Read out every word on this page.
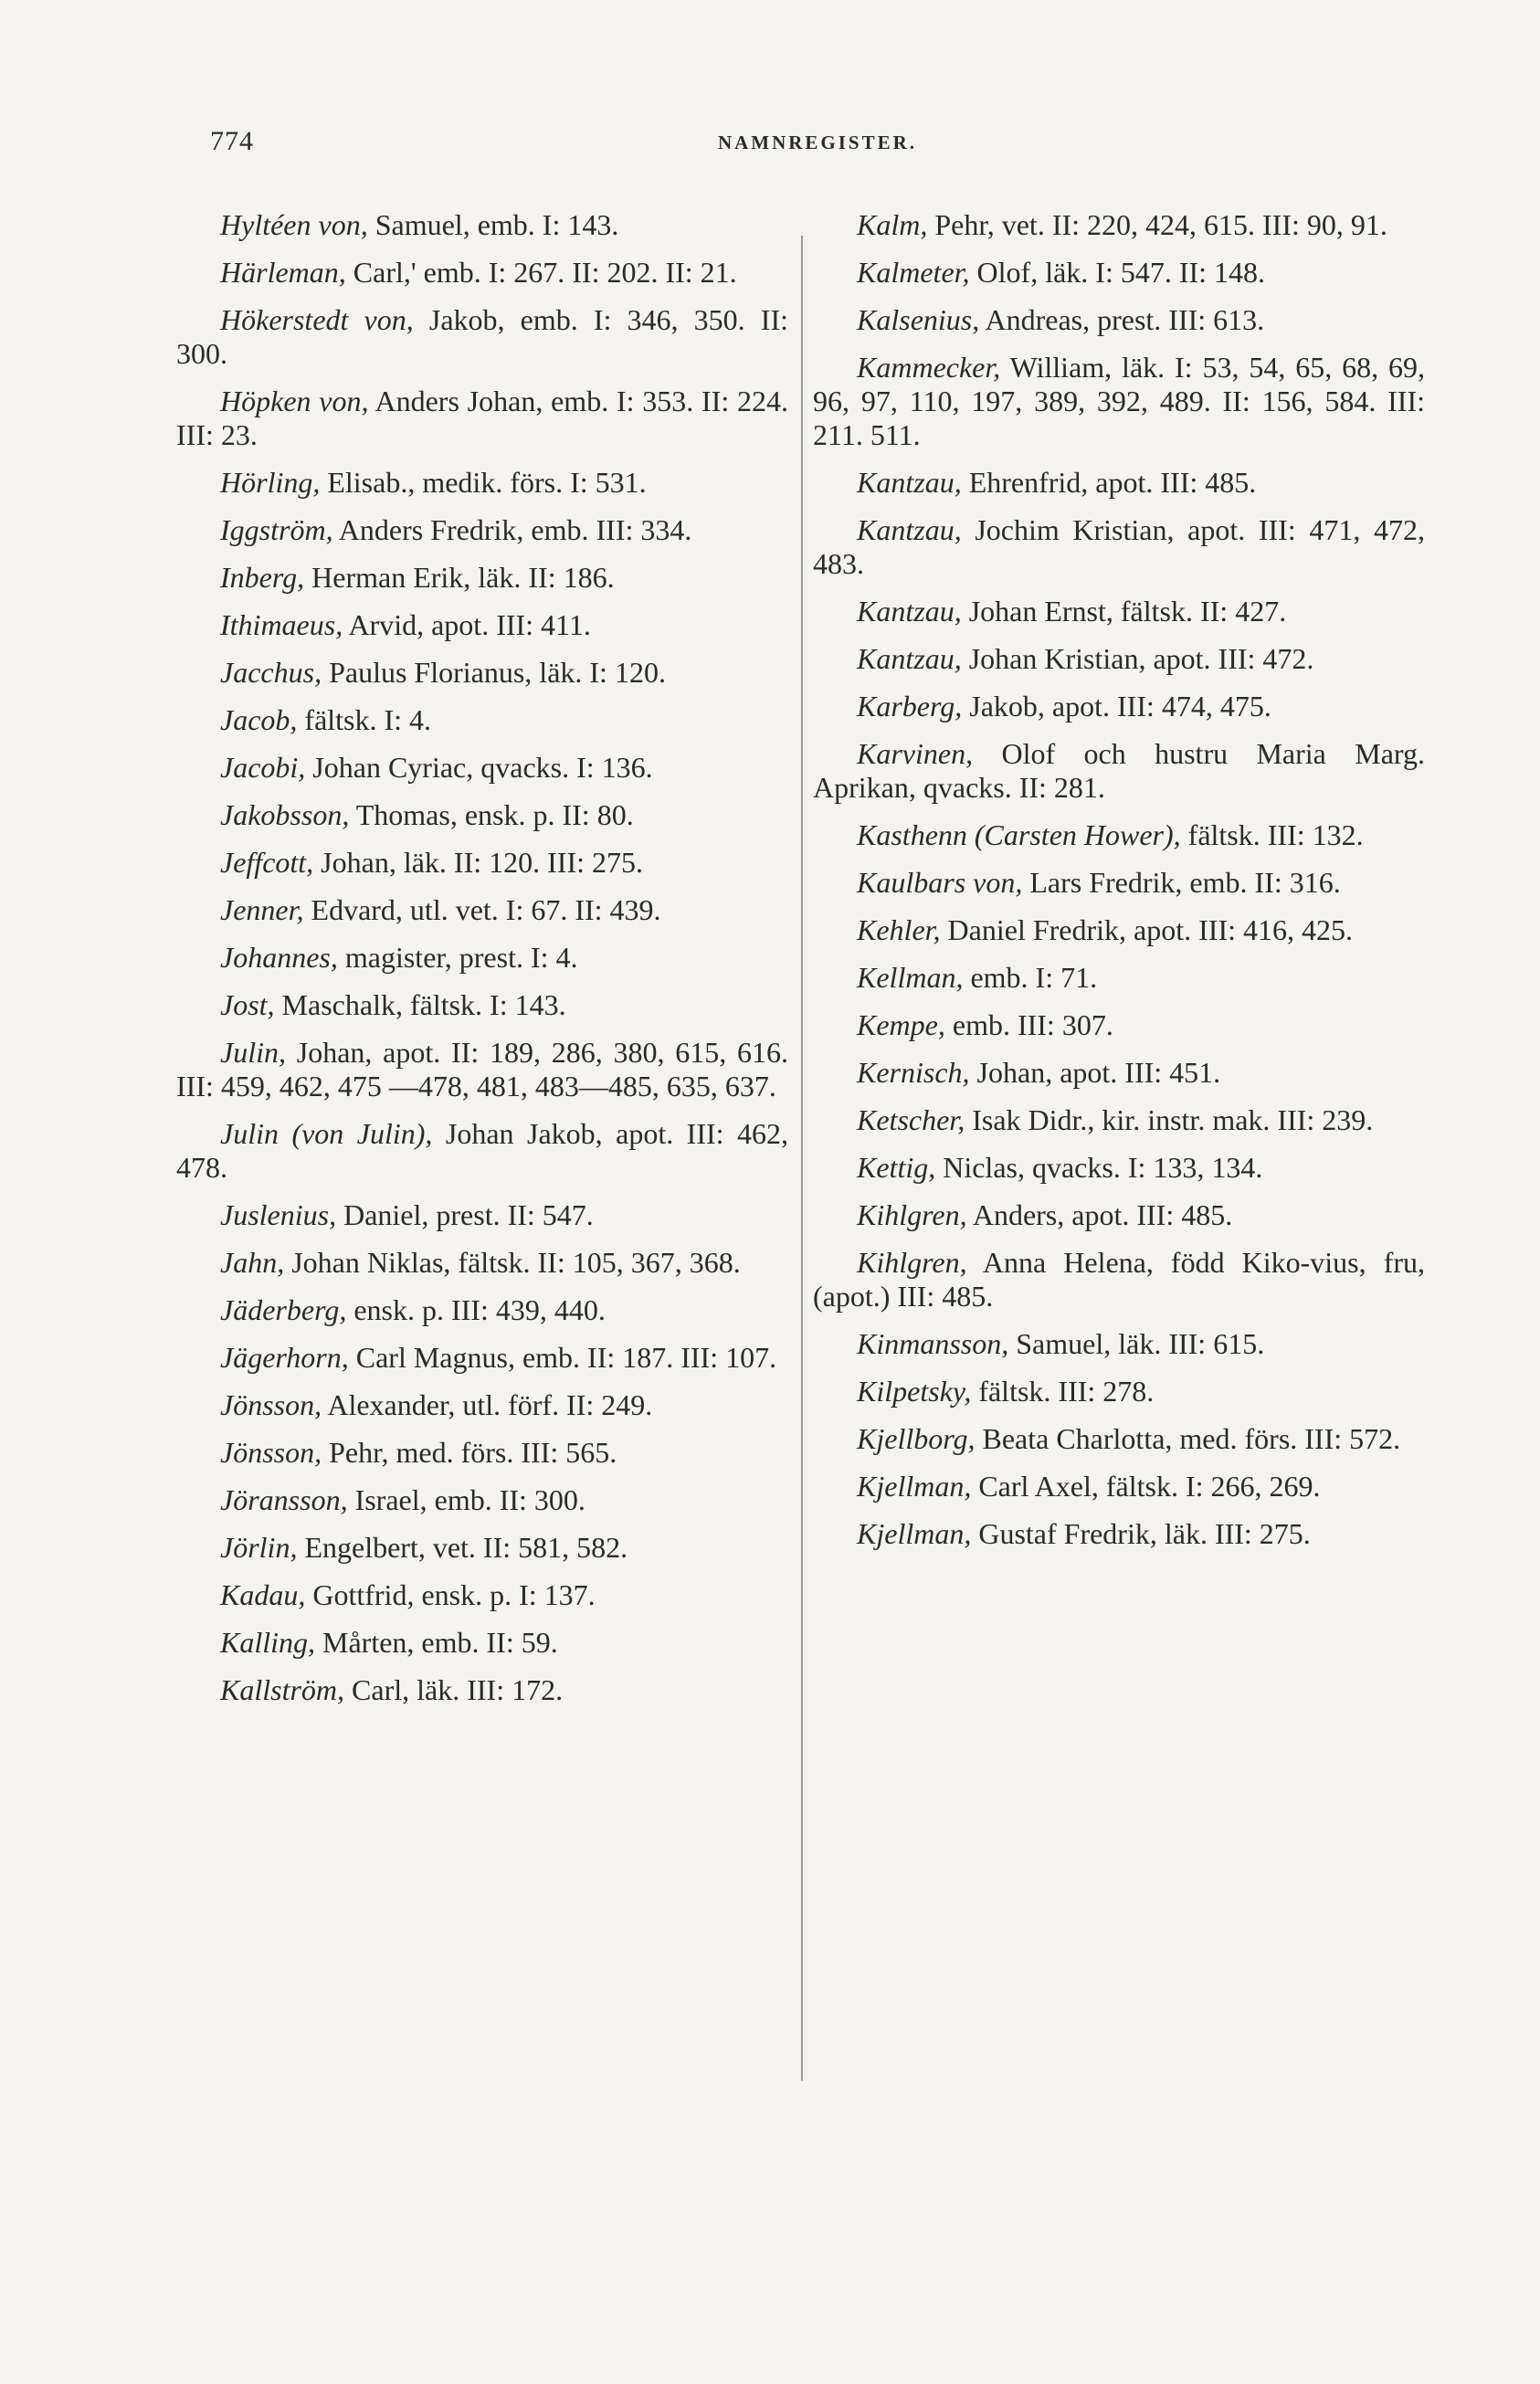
774	NAMNREGISTER.

Hyltéen von, Samuel, emb. I: 143.

Härleman, Carl,' emb. I: 267. II: 202. II: 21.

Hökerstedt von, Jakob, emb. I: 346, 350. II: 300.

Höpken von, Anders Johan, emb. I: 353. II: 224. III: 23.

Hörling, Elisab., medik. förs. I: 531.

Iggström, Anders Fredrik, emb. III: 334.

Inberg, Herman Erik, läk. II: 186.

Ithimaeus, Arvid, apot. III: 411.

Jacchus, Paulus Florianus, läk. I: 120.

Jacob, fältsk. I: 4.

Jacobi, Johan Cyriac, qvacks. I: 136.

Jakobsson, Thomas, ensk. p. II: 80.

Jeffcott, Johan, läk. II: 120. III: 275.

Jenner, Edvard, utl. vet. I: 67. II: 439.

Johannes, magister, prest. I: 4.

Jost, Maschalk, fältsk. I: 143.

Julin, Johan, apot. II: 189, 286, 380, 615, 616. III: 459, 462, 475 —478, 481, 483—485, 635, 637.

Julin (von Julin), Johan Jakob, apot. III: 462, 478.

Juslenius, Daniel, prest. II: 547.

Jahn, Johan Niklas, fältsk. II: 105, 367, 368.

Jäderberg, ensk. p. III: 439, 440.

Jägerhorn, Carl Magnus, emb. II: 187. III: 107.

Jönsson, Alexander, utl. förf. II: 249.

Jönsson, Pehr, med. förs. III: 565.

Jöransson, Israel, emb. II: 300.

Jörlin, Engelbert, vet. II: 581, 582.

Kadau, Gottfrid, ensk. p. I: 137.

Kalling, Mårten, emb. II: 59.

Kallström, Carl, läk. III: 172.

Kalm, Pehr, vet. II: 220, 424, 615. III: 90, 91.

Kalmeter, Olof, läk. I: 547. II: 148.

Kalsenius, Andreas, prest. III: 613.

Kammecker, William, läk. I: 53, 54, 65, 68, 69, 96, 97, 110, 197, 389, 392, 489. II: 156, 584. III: 211. 511.

Kantzau, Ehrenfrid, apot. III: 485.

Kantzau, Jochim Kristian, apot. III: 471, 472, 483.

Kantzau, Johan Ernst, fältsk. II: 427.

Kantzau, Johan Kristian, apot. III: 472.

Karberg, Jakob, apot. III: 474, 475.

Karvinen, Olof och hustru Maria Marg. Aprikan, qvacks. II: 281.

Kasthenn (Carsten Hower), fältsk. III: 132.

Kaulbars von, Lars Fredrik, emb. II: 316.

Kehler, Daniel Fredrik, apot. III: 416, 425.

Kellman, emb. I: 71.

Kempe, emb. III: 307.

Kernisch, Johan, apot. III: 451.

Ketscher, Isak Didr., kir. instr. mak. III: 239.

Kettig, Niclas, qvacks. I: 133, 134.

Kihlgren, Anders, apot. III: 485.

Kihlgren, Anna Helena, född Kiko-vius, fru, (apot.) III: 485.

Kinmansson, Samuel, läk. III: 615.

Kilpetsky, fältsk. III: 278.

Kjellborg, Beata Charlotta, med. förs. III: 572.

Kjellman, Carl Axel, fältsk. I: 266, 269.

Kjellman, Gustaf Fredrik, läk. III: 275.
